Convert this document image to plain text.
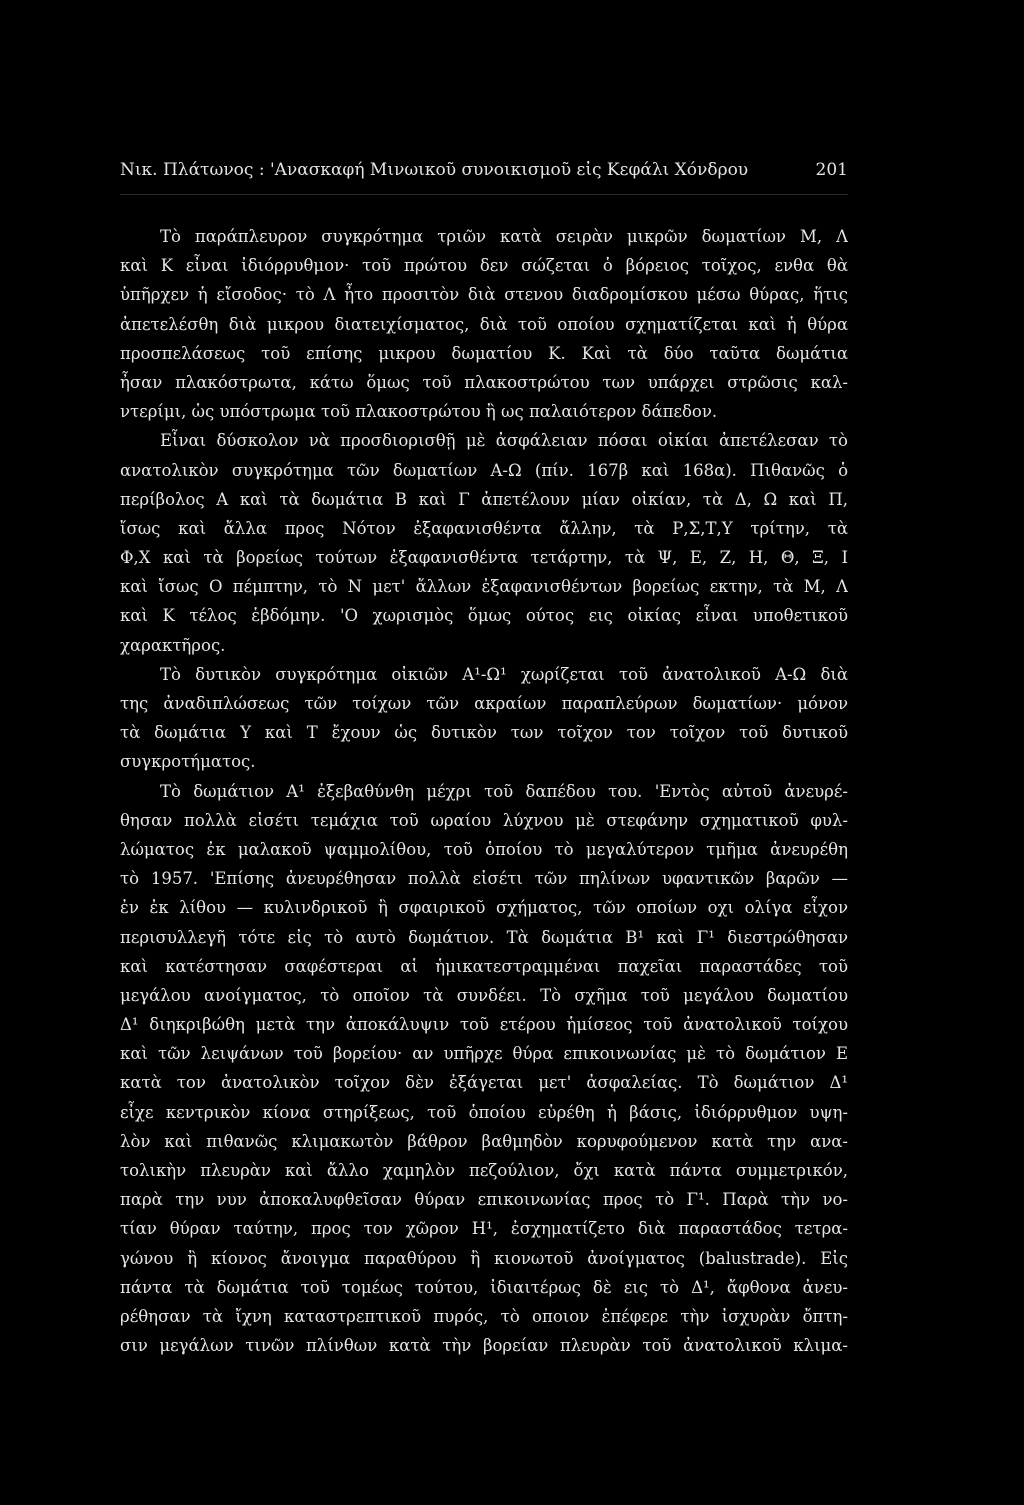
Νικ. Πλάτωνος : 'Ανασκαφή Μινωικοῦ συνοικισμοῦ εἰς Κεφάλι Χόνδρου	201
Τὸ παράπλευρον συγκρότημα τριῶν κατὰ σειρὰν μικρῶν δωματίων Μ, Λ
καὶ Κ εἶναι ἰδιόρρυθμον· τοῦ πρώτου δεν σώζεται ὁ βόρειος τοῖχος, ενθα θὰ
ὑπῆρχεν ἡ εἴσοδος· τὸ Λ ἦτο προσιτὸν διὰ στενου διαδρομίσκου μέσω θύρας, ἥτις
ἀπετελέσθη διὰ μικρου διατειχίσματος, διὰ τοῦ οποίου σχηματίζεται καὶ ἡ θύρα
προσπελάσεως τοῦ επίσης μικρου δωματίου Κ. Καὶ τὰ δύο ταῦτα δωμάτια
ἦσαν πλακόστρωτα, κάτω ὅμως τοῦ πλακοστρώτου των υπάρχει στρῶσις καλ-
ντερίμι, ὡς υπόστρωμα τοῦ πλακοστρώτου ἢ ως παλαιότερον δάπεδον.
Εἶναι δύσκολον νὰ προσδιορισθῇ μὲ ἀσφάλειαν πόσαι οἰκίαι ἀπετέλεσαν τὸ
ανατολικὸν συγκρότημα τῶν δωματίων Α-Ω (πίν. 167β καὶ 168α). Πιθανῶς ὁ
περίβολος Α καὶ τὰ δωμάτια Β καὶ Γ ἀπετέλουν μίαν οἰκίαν, τὰ Δ, Ω καὶ Π,
ἴσως καὶ ἄλλα προς Νότον ἐξαφανισθέντα ἄλλην, τὰ Ρ,Σ,Τ,Υ τρίτην, τὰ
Φ,Χ καὶ τὰ βορείως τούτων ἐξαφανισθέντα τετάρτην, τὰ Ψ, Ε, Ζ, Η, Θ, Ξ, Ι
καὶ ἴσως Ο πέμπτην, τὸ Ν μετ' ἄλλων ἐξαφανισθέντων βορείως εκτην, τὰ Μ, Λ
καὶ Κ τέλος ἑβδόμην. 'Ο χωρισμὸς ὅμως ούτος εις οἰκίας εἶναι υποθετικοῦ
χαρακτῆρος.
Τὸ δυτικὸν συγκρότημα οἰκιῶν Α¹-Ω¹ χωρίζεται τοῦ ἀνατολικοῦ Α-Ω διὰ
της ἀναδιπλώσεως τῶν τοίχων τῶν ακραίων παραπλεύρων δωματίων· μόνον
τὰ δωμάτια Υ καὶ Τ ἔχουν ὡς δυτικὸν των τοῖχον τον τοῖχον τοῦ δυτικοῦ
συγκροτήματος.
Τὸ δωμάτιον Α¹ ἐξεβαθύνθη μέχρι τοῦ δαπέδου του. 'Εντὸς αὐτοῦ ἀνευρέ-
θησαν πολλὰ εἰσέτι τεμάχια τοῦ ωραίου λύχνου μὲ στεφάνην σχηματικοῦ φυλ-
λώματος ἐκ μαλακοῦ ψαμμολίθου, τοῦ ὁποίου τὸ μεγαλύτερον τμῆμα ἀνευρέθη
τὸ 1957. 'Επίσης ἀνευρέθησαν πολλὰ εἰσέτι τῶν πηλίνων υφαντικῶν βαρῶν —
ἐν ἐκ λίθου — κυλινδρικοῦ ἢ σφαιρικοῦ σχήματος, τῶν οποίων οχι ολίγα εἶχον
περισυλλεγῆ τότε εἰς τὸ αυτὸ δωμάτιον. Τὰ δωμάτια Β¹ καὶ Γ¹ διεστρώθησαν
καὶ κατέστησαν σαφέστεραι αἱ ἡμικατεστραμμέναι παχεῖαι παραστάδες τοῦ
μεγάλου ανοίγματος, τὸ οποῖον τὰ συνδέει. Τὸ σχῆμα τοῦ μεγάλου δωματίου
Δ¹ διηκριβώθη μετὰ την ἀποκάλυψιν τοῦ ετέρου ἡμίσεος τοῦ ἀνατολικοῦ τοίχου
καὶ τῶν λειψάνων τοῦ βορείου· αν υπῆρχε θύρα επικοινωνίας μὲ τὸ δωμάτιον Ε
κατὰ τον ἀνατολικὸν τοῖχον δὲν ἐξάγεται μετ' ἀσφαλείας. Τὸ δωμάτιον Δ¹
εἶχε κεντρικὸν κίονα στηρίξεως, τοῦ ὁποίου εὑρέθη ἡ βάσις, ἰδιόρρυθμον υψη-
λὸν καὶ πιθανῶς κλιμακωτὸν βάθρον βαθμηδὸν κορυφούμενον κατὰ την ανα-
τολικὴν πλευρὰν καὶ ἄλλο χαμηλὸν πεζούλιον, ὄχι κατὰ πάντα συμμετρικόν,
παρὰ την νυν ἀποκαλυφθεῖσαν θύραν επικοινωνίας προς τὸ Γ¹. Παρὰ τὴν νο-
τίαν θύραν ταύτην, προς τον χῶρον Η¹, ἐσχηματίζετο διὰ παραστάδος τετρα-
γώνου ἢ κίονος ἄνοιγμα παραθύρου ἢ κιονωτοῦ ἀνοίγματος (balustrade). Εἰς
πάντα τὰ δωμάτια τοῦ τομέως τούτου, ἰδιαιτέρως δὲ εις τὸ Δ¹, ἄφθονα ἀνευ-
ρέθησαν τὰ ἴχνη καταστρεπτικοῦ πυρός, τὸ οποιον ἐπέφερε τὴν ἰσχυρὰν ὄπτη-
σιν μεγάλων τινῶν πλίνθων κατὰ τὴν βορείαν πλευρὰν τοῦ ἀνατολικοῦ κλιμα-
